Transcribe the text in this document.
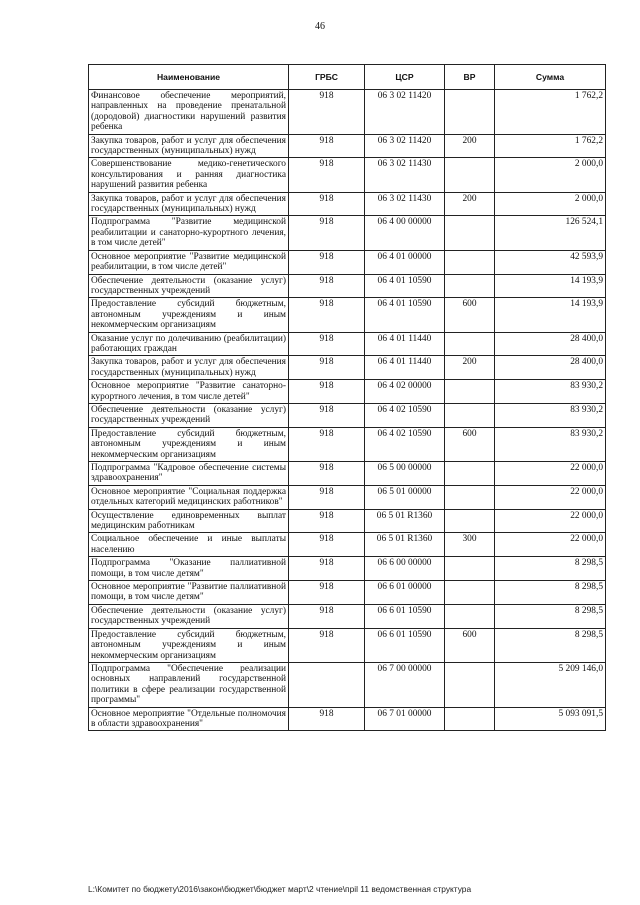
46
Наименование	ГРБС	ЦСР	ВР	Сумма
Финансовое обеспечение мероприятий, направленных на проведение пренатальной (дородовой) диагностики нарушений развития ребенка	918	06 3 02 11420		1 762,2
Закупка товаров, работ и услуг для обеспечения государственных (муниципальных) нужд	918	06 3 02 11420	200	1 762,2
Совершенствование медико-генетического консультирования и ранняя диагностика нарушений развития ребенка	918	06 3 02 11430		2 000,0
Закупка товаров, работ и услуг для обеспечения государственных (муниципальных) нужд	918	06 3 02 11430	200	2 000,0
Подпрограмма "Развитие медицинской реабилитации и санаторно-курортного лечения, в том числе детей"	918	06 4 00 00000		126 524,1
Основное мероприятие "Развитие медицинской реабилитации, в том числе детей"	918	06 4 01 00000		42 593,9
Обеспечение деятельности (оказание услуг) государственных учреждений	918	06 4 01 10590		14 193,9
Предоставление субсидий бюджетным, автономным учреждениям и иным некоммерческим организациям	918	06 4 01 10590	600	14 193,9
Оказание услуг по долечиванию (реабилитации) работающих граждан	918	06 4 01 11440		28 400,0
Закупка товаров, работ и услуг для обеспечения государственных (муниципальных) нужд	918	06 4 01 11440	200	28 400,0
Основное мероприятие "Развитие санаторно-курортного лечения, в том числе детей"	918	06 4 02 00000		83 930,2
Обеспечение деятельности (оказание услуг) государственных учреждений	918	06 4 02 10590		83 930,2
Предоставление субсидий бюджетным, автономным учреждениям и иным некоммерческим организациям	918	06 4 02 10590	600	83 930,2
Подпрограмма "Кадровое обеспечение системы здравоохранения"	918	06 5 00 00000		22 000,0
Основное мероприятие "Социальная поддержка отдельных категорий медицинских работников"	918	06 5 01 00000		22 000,0
Осуществление единовременных выплат медицинским работникам	918	06 5 01 R1360		22 000,0
Социальное обеспечение и иные выплаты населению	918	06 5 01 R1360	300	22 000,0
Подпрограмма "Оказание паллиативной помощи, в том числе детям"	918	06 6 00 00000		8 298,5
Основное мероприятие "Развитие паллиативной помощи, в том числе детям"	918	06 6 01 00000		8 298,5
Обеспечение деятельности (оказание услуг) государственных учреждений	918	06 6 01 10590		8 298,5
Предоставление субсидий бюджетным, автономным учреждениям и иным некоммерческим организациям	918	06 6 01 10590	600	8 298,5
Подпрограмма "Обеспечение реализации основных направлений государственной политики в сфере реализации государственной программы"		06 7 00 00000		5 209 146,0
Основное мероприятие "Отдельные полномочия в области здравоохранения"	918	06 7 01 00000		5 093 091,5
L:\Комитет по бюджету\2016\закон\бюджет\бюджет март\2 чтение\прil 11 ведомственная структура
